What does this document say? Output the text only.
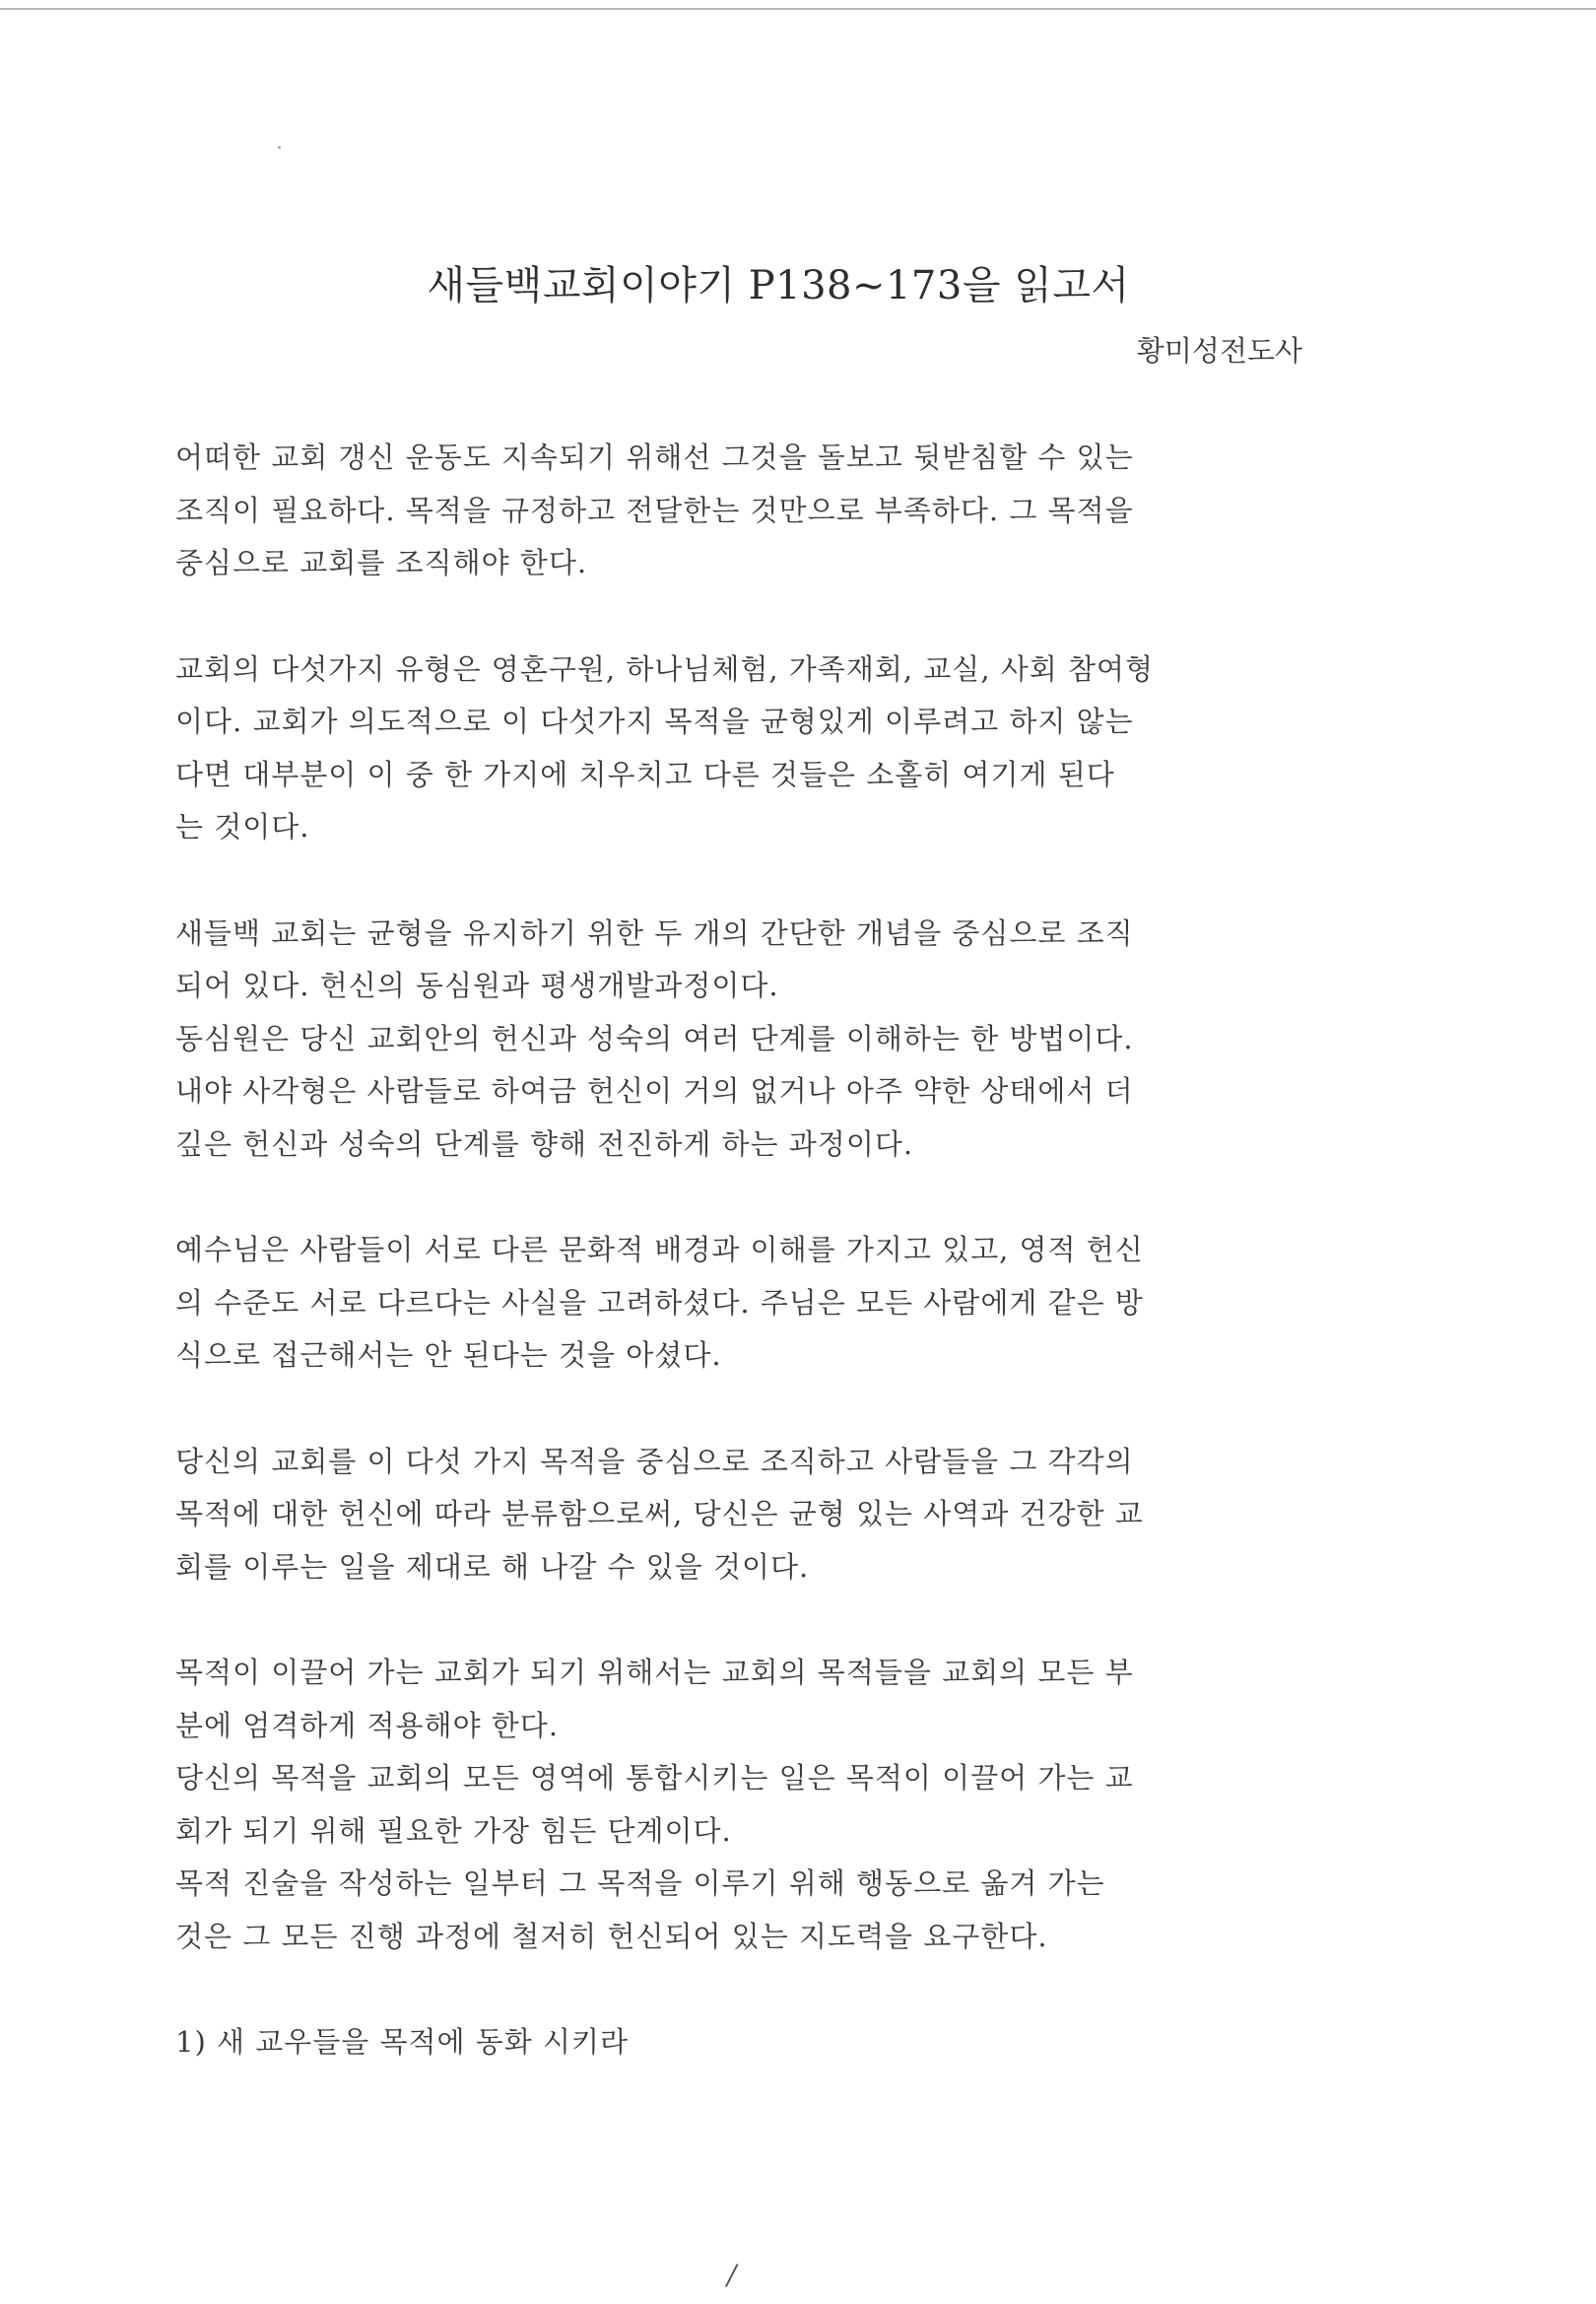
새들백교회이야기 P138~173을 읽고서
황미성전도사

어떠한 교회 갱신 운동도 지속되기 위해선 그것을 돌보고 뒷받침할 수 있는
조직이 필요하다. 목적을 규정하고 전달한는 것만으로 부족하다. 그 목적을
중심으로 교회를 조직해야 한다.

교회의 다섯가지 유형은 영혼구원, 하나님체험, 가족재회, 교실, 사회 참여형
이다. 교회가 의도적으로 이 다섯가지 목적을 균형있게 이루려고 하지 않는
다면 대부분이 이 중 한 가지에 치우치고 다른 것들은 소홀히 여기게 된다
는 것이다.

새들백 교회는 균형을 유지하기 위한 두 개의 간단한 개념을 중심으로 조직
되어 있다. 헌신의 동심원과 평생개발과정이다.
동심원은 당신 교회안의 헌신과 성숙의 여러 단계를 이해하는 한 방법이다.
내야 사각형은 사람들로 하여금 헌신이 거의 없거나 아주 약한 상태에서 더
깊은 헌신과 성숙의 단계를 향해 전진하게 하는 과정이다.

예수님은 사람들이 서로 다른 문화적 배경과 이해를 가지고 있고, 영적 헌신
의 수준도 서로 다르다는 사실을 고려하셨다. 주님은 모든 사람에게 같은 방
식으로 접근해서는 안 된다는 것을 아셨다.

당신의 교회를 이 다섯 가지 목적을 중심으로 조직하고 사람들을 그 각각의
목적에 대한 헌신에 따라 분류함으로써, 당신은 균형 있는 사역과 건강한 교
회를 이루는 일을 제대로 해 나갈 수 있을 것이다.

목적이 이끌어 가는 교회가 되기 위해서는 교회의 목적들을 교회의 모든 부
분에 엄격하게 적용해야 한다.
당신의 목적을 교회의 모든 영역에 통합시키는 일은 목적이 이끌어 가는 교
회가 되기 위해 필요한 가장 힘든 단계이다.
목적 진술을 작성하는 일부터 그 목적을 이루기 위해 행동으로 옮겨 가는
것은 그 모든 진행 과정에 철저히 헌신되어 있는 지도력을 요구한다.

1) 새 교우들을 목적에 동화 시키라

/
